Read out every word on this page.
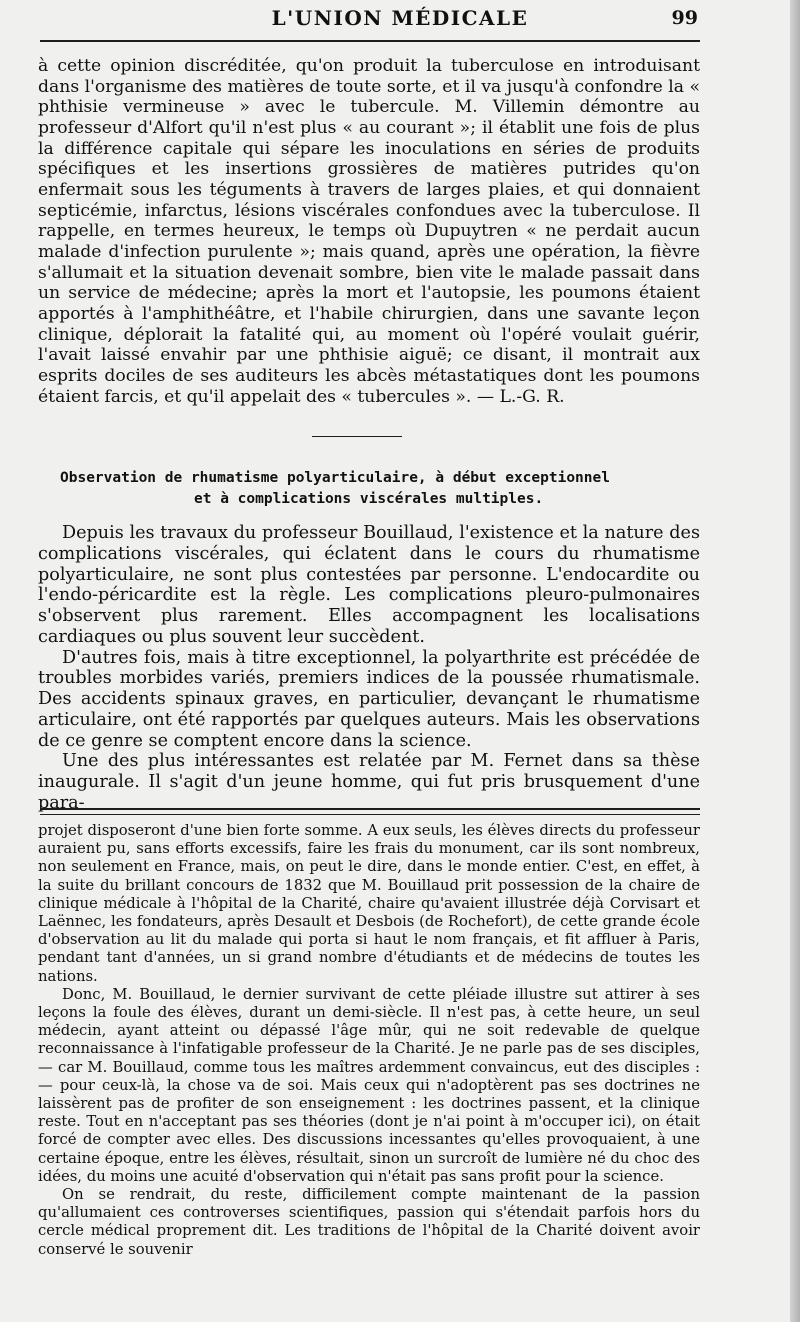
L'UNION MÉDICALE	99

à cette opinion discréditée, qu'on produit la tuberculose en introduisant dans l'organisme des matières de toute sorte, et il va jusqu'à confondre la « phthisie vermineuse » avec le tubercule. M. Villemin démontre au professeur d'Alfort qu'il n'est plus « au courant »; il établit une fois de plus la différence capitale qui sépare les inoculations en séries de produits spécifiques et les insertions grossières de matières putrides qu'on enfermait sous les téguments à travers de larges plaies, et qui donnaient septicémie, infarctus, lésions viscérales confondues avec la tuberculose. Il rappelle, en termes heureux, le temps où Dupuytren « ne perdait aucun malade d'infection purulente »; mais quand, après une opération, la fièvre s'allumait et la situation devenait sombre, bien vite le malade passait dans un service de médecine; après la mort et l'autopsie, les poumons étaient apportés à l'amphithéâtre, et l'habile chirurgien, dans une savante leçon clinique, déplorait la fatalité qui, au moment où l'opéré voulait guérir, l'avait laissé envahir par une phthisie aiguë; ce disant, il montrait aux esprits dociles de ses auditeurs les abcès métastatiques dont les poumons étaient farcis, et qu'il appelait des « tubercules ». — L.-G. R.

Observation de rhumatisme polyarticulaire, à début exceptionnel
et à complications viscérales multiples.

Depuis les travaux du professeur Bouillaud, l'existence et la nature des complications viscérales, qui éclatent dans le cours du rhumatisme polyarticulaire, ne sont plus contestées par personne. L'endocardite ou l'endo-péricardite est la règle. Les complications pleuro-pulmonaires s'observent plus rarement. Elles accompagnent les localisations cardiaques ou plus souvent leur succèdent.

D'autres fois, mais à titre exceptionnel, la polyarthrite est précédée de troubles morbides variés, premiers indices de la poussée rhumatismale. Des accidents spinaux graves, en particulier, devançant le rhumatisme articulaire, ont été rapportés par quelques auteurs. Mais les observations de ce genre se comptent encore dans la science.

Une des plus intéressantes est relatée par M. Fernet dans sa thèse inaugurale. Il s'agit d'un jeune homme, qui fut pris brusquement d'une para-

projet disposeront d'une bien forte somme. A eux seuls, les élèves directs du professeur auraient pu, sans efforts excessifs, faire les frais du monument, car ils sont nombreux, non seulement en France, mais, on peut le dire, dans le monde entier. C'est, en effet, à la suite du brillant concours de 1832 que M. Bouillaud prit possession de la chaire de clinique médicale à l'hôpital de la Charité, chaire qu'avaient illustrée déjà Corvisart et Laënnec, les fondateurs, après Desault et Desbois (de Rochefort), de cette grande école d'observation au lit du malade qui porta si haut le nom français, et fit affluer à Paris, pendant tant d'années, un si grand nombre d'étudiants et de médecins de toutes les nations.

Donc, M. Bouillaud, le dernier survivant de cette pléiade illustre sut attirer à ses leçons la foule des élèves, durant un demi-siècle. Il n'est pas, à cette heure, un seul médecin, ayant atteint ou dépassé l'âge mûr, qui ne soit redevable de quelque reconnaissance à l'infatigable professeur de la Charité. Je ne parle pas de ses disciples, — car M. Bouillaud, comme tous les maîtres ardemment convaincus, eut des disciples : — pour ceux-là, la chose va de soi. Mais ceux qui n'adoptèrent pas ses doctrines ne laissèrent pas de profiter de son enseignement : les doctrines passent, et la clinique reste. Tout en n'acceptant pas ses théories (dont je n'ai point à m'occuper ici), on était forcé de compter avec elles. Des discussions incessantes qu'elles provoquaient, à une certaine époque, entre les élèves, résultait, sinon un surcroît de lumière né du choc des idées, du moins une acuité d'observation qui n'était pas sans profit pour la science.

On se rendrait, du reste, difficilement compte maintenant de la passion qu'allumaient ces controverses scientifiques, passion qui s'étendait parfois hors du cercle médical proprement dit. Les traditions de l'hôpital de la Charité doivent avoir conservé le souvenir
